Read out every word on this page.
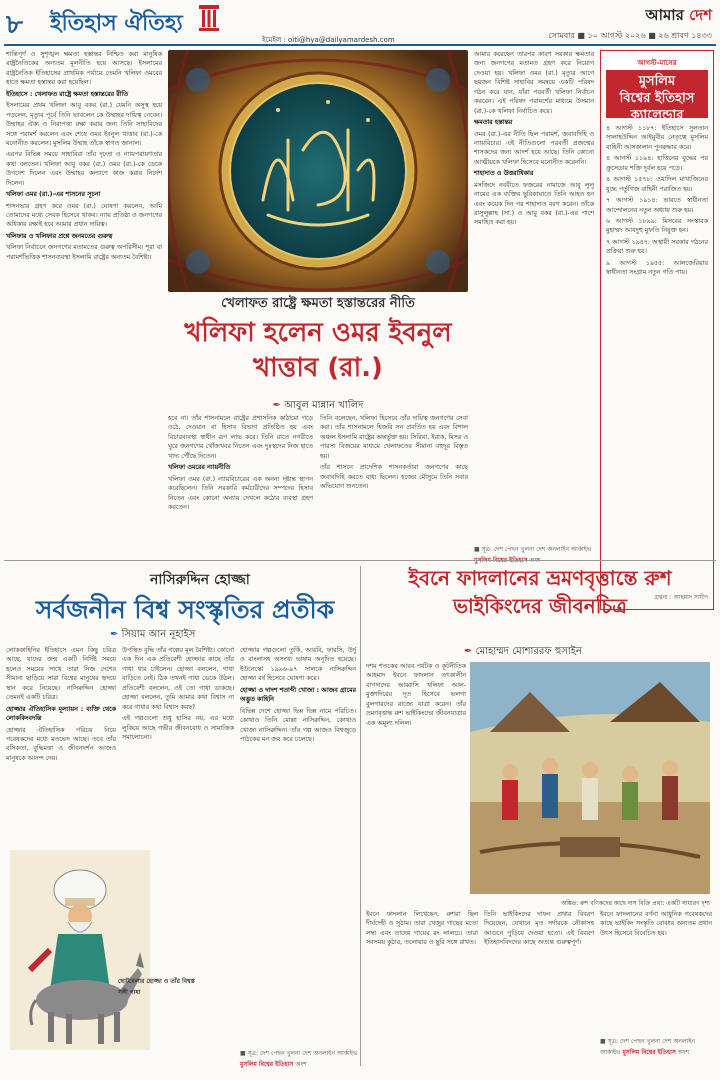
৮ ইতিহাস ঐতিহ্য	আমার দেশ
সোমবার ■ ১০ আগস্ট ২০২৬ ■ ২৬ শ্রাবণ ১৪৩৩
ইমেইল : oiti@hya@dailyamardesh.com

শান্তিপূর্ণ ও সুশৃঙ্খল ক্ষমতা হস্তান্তর নিশ্চিত করা মানুষিক রাষ্ট্রনৈতিকের অন্যতম মূলনীতি হয়ে আসছে। ইসলামের রাষ্ট্রনৈতিক ইতিহাসের প্রাথমিক পর্যায়ে তেমনি খলিফা ওমরের হাতে ক্ষমতা হস্তান্তর করা হয়েছিল।

ইতিহাসে : খেলাফত রাষ্ট্রে ক্ষমতা হস্তান্তরের রীতি

ইসলামের প্রথম খলিফা আবু বকর (রা.) যেমনি অসুস্থ হয়ে পড়লেন, মৃত্যুর পূর্বে তিনি ভাবলেন কে উম্মাহর দায়িত্ব নেবেন। উম্মাহর ঐক্য ও নিরাপত্তা রক্ষা করার জন্য তিনি সাহাবিদের সঙ্গে পরামর্শ করলেন এবং শেষে ওমর ইবনুল খাত্তাব (রা.)-কে মনোনীত করলেন। মুসলিম উম্মাহ তাঁকে স্বাগত জানাল।

এরপর বিভিন্ন সময়ে সাহাবিরা তাঁর দৃঢ়তা ও ন্যায়পরায়ণতার কথা বলতেন। খলিফা আবু বকর (রা.) ওমর (রা.)-কে ডেকে উপদেশ দিলেন এবং উম্মাহর কল্যাণে কাজ করার নির্দেশ দিলেন।

খলিফা ওমর (রা.)-এর শাসনের সূচনা

শাসনভার গ্রহণ করে ওমর (রা.) ঘোষণা করলেন, আমি তোমাদের মধ্যে সেবক হিসেবে থাকব। ন্যায় প্রতিষ্ঠা ও জনগণের অধিকার রক্ষাই হবে আমার প্রধান দায়িত্ব।

খলিফার ও খলিফার প্রশ্নে জনমতের গুরুত্ব

খলিফা নির্বাচনে জনগণের মতামতের গুরুত্ব অপরিসীম। শূরা বা পরামর্শভিত্তিক শাসনব্যবস্থা ইসলামি রাষ্ট্রের অন্যতম বৈশিষ্ট্য।

খেলাফত রাষ্ট্রে ক্ষমতা হস্তান্তরের নীতি
খলিফা হলেন ওমর ইবনুল খাত্তাব (রা.)
✒ আবুল মান্নান খালিদ

হবে না। তাঁর শাসনামলে রাষ্ট্রের প্রশাসনিক কাঠামো গড়ে ওঠে, দেওয়ান বা হিসাব বিভাগ প্রতিষ্ঠিত হয় এবং বিচারব্যবস্থা স্বাধীন রূপ লাভ করে। তিনি রাতে নগরীতে ঘুরে জনগণের খোঁজখবর নিতেন এবং দুঃস্থদের নিজ হাতে খাদ্য পৌঁছে দিতেন।

খলিফা ওমরের ন্যায়নীতি

খলিফা ওমর (রা.) ন্যায়বিচারের এক অনন্য দৃষ্টান্ত স্থাপন করেছিলেন। তিনি সরকারি কর্মচারীদের সম্পদের হিসাব নিতেন এবং কোনো অন্যায় দেখলে কঠোর ব্যবস্থা গ্রহণ করতেন।

তিনি বলেছেন, খলিফা হিসেবে তাঁর দায়িত্ব জনগণের সেবা করা। তাঁর শাসনামলে হিজরি সন প্রবর্তিত হয় এবং বিশাল অঞ্চল ইসলামি রাষ্ট্রের অন্তর্ভুক্ত হয়। সিরিয়া, ইরাক, মিসর ও পারস্য বিজয়ের মাধ্যমে খেলাফতের সীমানা বহুদূর বিস্তৃত হয়।

তাঁর শাসনে প্রাদেশিক শাসনকর্তারা জনগণের কাছে জবাবদিহি করতে বাধ্য ছিলেন। হজের মৌসুমে তিনি সবার অভিযোগ শুনতেন।

আমার করেছেন তারপর কারণ সরকার ক্ষমতার জন্য জনগণের মতামত গ্রহণ করে নিয়োগ দেওয়া হয়। খলিফা ওমর (রা.) মৃত্যুর আগে ছয়জন বিশিষ্ট সাহাবির সমন্বয়ে একটি পরিষদ গঠন করে যান, যাঁরা পরবর্তী খলিফা নির্বাচন করবেন। এই পরিষদ পরামর্শের মাধ্যমে উসমান (রা.)-কে খলিফা নির্বাচিত করে।

ক্ষমতার হস্তান্তর

ওমর (রা.)-এর নীতি ছিল পরামর্শ, জবাবদিহি ও ন্যায়বিচার। এই নীতিগুলো পরবর্তী প্রজন্মের শাসকদের জন্য আদর্শ হয়ে আছে। তিনি কোনো আত্মীয়কে খলিফা হিসেবে মনোনীত করেননি।

শাহাদাত ও উত্তরাধিকার

মসজিদে নববীতে ফজরের নামাজে আবু লুলু নামের এক ব্যক্তির ছুরিকাঘাতে তিনি আহত হন এবং কয়েক দিন পর শাহাদাত বরণ করেন। তাঁকে রাসুলুল্লাহ (সা.) ও আবু বকর (রা.)-এর পাশে সমাহিত করা হয়।

■ সূত্র: দেশ পেছন খুলনা দেশ অনলাইন আর্কাইভ
আগস্ট-মাসের
মুসলিম
বিশ্বের ইতিহাস
ক্যালেন্ডার

৪ আগস্ট ১১৮৭: ইতিহাসে সুলতান সালাহউদ্দিন আইয়ুবীর নেতৃত্বে মুসলিম বাহিনী আসকালান পুনরুদ্ধার করে।

৪ আগস্ট ১১৯৪: হাত্তিনের যুদ্ধের পর ক্রুসেডার শক্তি দুর্বল হয়ে পড়ে।

৪ আগস্ট ১৫৭৮: ওয়াদিল মাখাজিনের যুদ্ধে পর্তুগিজ বাহিনী পরাজিত হয়।

৭ আগস্ট ১৯১৪: ভারতে স্বাধীনতা আন্দোলনের নতুন অধ্যায় শুরু হয়।

৬ আগস্ট ১৮৯৯: মিসরের সংস্কারক মুহাম্মদ আবদুহু মুফতি নিযুক্ত হন।

৭ আগস্ট ১৯৪৭: অস্থায়ী সরকার গঠনের প্রক্রিয়া শুরু হয়।

৯ আগস্ট ১৯৫৫: আলজেরিয়ার স্বাধীনতা সংগ্রাম নতুন গতি পায়।

গ্রন্থনা : আহমাদ সায়ীদ
নাসিরুদ্দিন হোজ্জা
সর্বজনীন বিশ্ব সংস্কৃতির প্রতীক
✒ সিয়াম আন নূহাইস

লোককাহিনির ইতিহাসে এমন কিছু চরিত্র আছে, যাদের জন্ম একটি নির্দিষ্ট সময়ে হলেও সময়ের সাথে তারা নিজ দেশের সীমানা ছাড়িয়ে সারা বিশ্বের মানুষের হৃদয়ে স্থান করে নিয়েছে। নাসিরুদ্দিন হোজ্জা তেমনই একটি চরিত্র।

হোজ্জার ঐতিহাসিক মূল্যায়ন : ব্যক্তি থেকে লোককিংবদন্তি

হোজ্জার ঐতিহাসিক পরিচয় নিয়ে গবেষকদের মধ্যে মতভেদ আছে। তবে তাঁর রসিকতা, বুদ্ধিমত্তা ও জীবনদর্শন আজও মানুষকে আনন্দ দেয়।

উপস্থিত বুদ্ধি তাঁর গল্পের মূল বৈশিষ্ট্য। কোনো এক দিন এক প্রতিবেশী হোজ্জার কাছে তাঁর গাধা ধার চাইলেন। হোজ্জা বললেন, গাধা বাড়িতে নেই। ঠিক তখনই গাধা ডেকে উঠল। প্রতিবেশী বললেন, ওই তো গাধা ডাকছে। হোজ্জা বললেন, তুমি আমার কথা বিশ্বাস না করে গাধার কথা বিশ্বাস করছ?

এই গল্পগুলো শুধু হাসির নয়, এর মধ্যে লুকিয়ে আছে গভীর জীবনবোধ ও সামাজিক সমালোচনা।

হোজ্জার গল্পগুলো তুর্কি, আরবি, ফারসি, উর্দু ও বাংলাসহ অসংখ্য ভাষায় অনূদিত হয়েছে। ইউনেস্কো ১৯৯৬-৯৭ সালকে নাসিরুদ্দিন হোজ্জা বর্ষ হিসেবে ঘোষণা করে।

হোজ্জা ও দাদশ শতাব্দী খোজা : আজব গ্রামের অদ্ভুত কাহিনি

বিভিন্ন দেশে হোজ্জা ভিন্ন ভিন্ন নামে পরিচিত। কোথাও তিনি মোল্লা নাসিরুদ্দিন, কোথাও খোজা নাসিরুদ্দিন। তাঁর গল্প আজও বিশ্বজুড়ে পাঠকের মন জয় করে চলেছে।

ছোটবেলার হোজ্জা ও তাঁর বিশ্বস্ত সঙ্গী গাধা
■ সূত্র: দেশ পেছন খুলনা দেশ অনলাইন আর্কাইভ মুসলিম বিশ্বের ইতিহাস অংশ
ইবনে ফাদলানের ভ্রমণবৃত্তান্তে রুশ ভাইকিংদের জীবনচিত্র
✒ মোহাম্মদ মোশাররফ হুসাইন

দশম শতকের আরব পর্যটক ও কূটনীতিক আহমাদ ইবনে ফাদলান তৎকালীন বাগদাদের আব্বাসি খলিফা আল-মুক্তাদিরের দূত হিসেবে ভলগা বুলগারদের রাজ্যে যাত্রা করেন। তাঁর ভ্রমণবৃত্তান্ত রুশ ভাইকিংদের জীবনযাত্রার এক অমূল্য দলিল।

অঙ্কিত: রুশ বণিকদের কাছে দাস বিক্রি প্রথা: একটি সাধারণ দৃশ্য

ইবনে ফাদলান লিখেছেন, রুশরা ছিল দীর্ঘদেহী ও সুঠাম। তারা খেজুর গাছের মতো লম্বা এবং তাদের গায়ের রং লালচে। তারা সবসময় কুঠার, তলোয়ার ও ছুরি সঙ্গে রাখত।

তিনি ভাইকিংদের দাফন প্রথার বিবরণ দিয়েছেন, যেখানে মৃত সর্দারকে নৌকাসহ আগুনে পুড়িয়ে দেওয়া হতো। এই বিবরণ ইতিহাসবিদদের কাছে অত্যন্ত গুরুত্বপূর্ণ।

ইবনে ফাদলানের বর্ণনা আধুনিক গবেষকদের কাছে ভাইকিং সংস্কৃতি বোঝার অন্যতম প্রধান উৎস হিসেবে বিবেচিত হয়।

■ সূত্র: দেশ পেছন খুলনা দেশ অনলাইন আর্কাইভ মুসলিম বিশ্বের ইতিহাস অংশ
